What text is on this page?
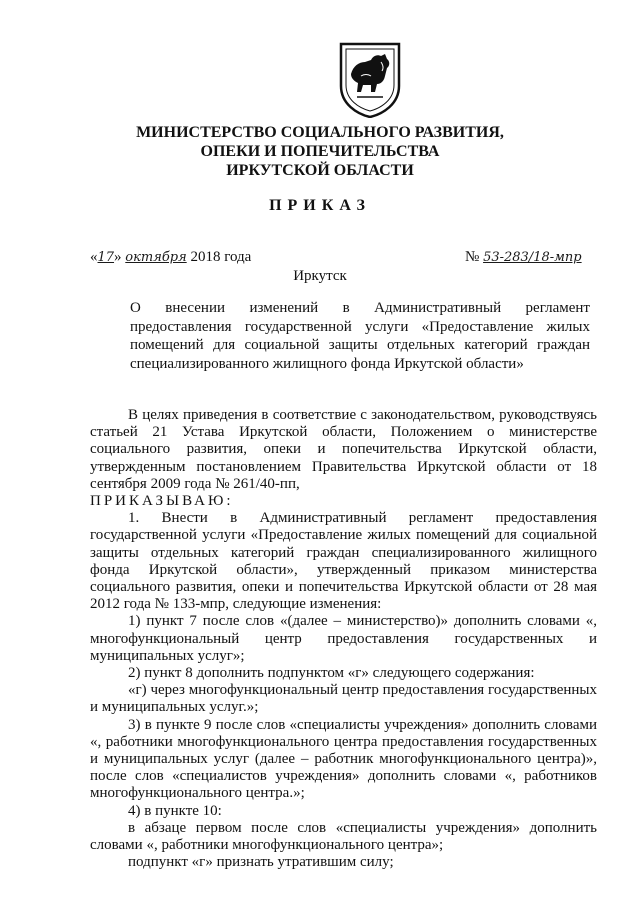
МИНИСТЕРСТВО СОЦИАЛЬНОГО РАЗВИТИЯ,
ОПЕКИ И ПОПЕЧИТЕЛЬСТВА
ИРКУТСКОЙ ОБЛАСТИ
ПРИКАЗ
«17» октября 2018 года	№ 53-283/18-мпр
Иркутск

О внесении изменений в Административный регламент

предоставления государственной услуги «Предоставление жилых

помещений для социальной защиты отдельных категорий граждан

специализированного жилищного фонда Иркутской области»

В целях приведения в соответствие с законодательством, руководствуясь статьей 21 Устава Иркутской области, Положением о министерстве социального развития, опеки и попечительства Иркутской области, утвержденным постановлением Правительства Иркутской области от 18 сентября 2009 года № 261/40-пп,

ПРИКАЗЫВАЮ:

1. Внести в Административный регламент предоставления государственной услуги «Предоставление жилых помещений для социальной защиты отдельных категорий граждан специализированного жилищного фонда Иркутской области», утвержденный приказом министерства социального развития, опеки и попечительства Иркутской области от 28 мая 2012 года № 133-мпр, следующие изменения:

1) пункт 7 после слов «(далее – министерство)» дополнить словами «, многофункциональный центр предоставления государственных и муниципальных услуг»;

2) пункт 8 дополнить подпунктом «г» следующего содержания:

«г) через многофункциональный центр предоставления государственных и муниципальных услуг.»;

3) в пункте 9 после слов «специалисты учреждения» дополнить словами «, работники многофункционального центра предоставления государственных и муниципальных услуг (далее – работник многофункционального центра)», после слов «специалистов учреждения» дополнить словами «, работников многофункционального центра.»;

4) в пункте 10:

в абзаце первом после слов «специалисты учреждения» дополнить словами «, работники многофункционального центра»;

подпункт «г» признать утратившим силу;
